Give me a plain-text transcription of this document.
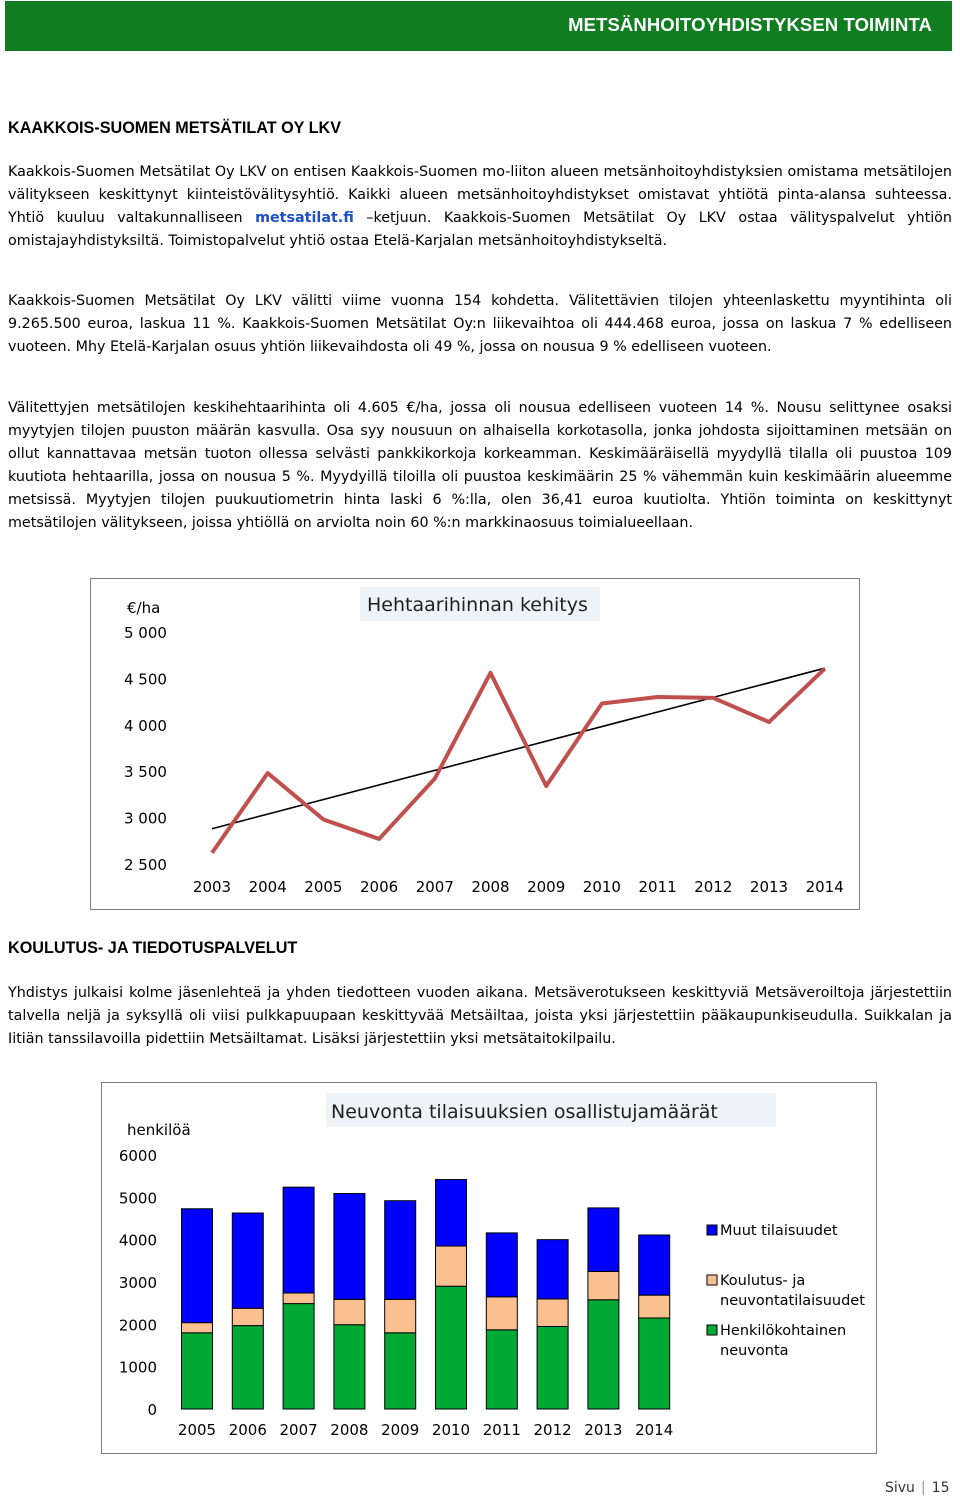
METSÄNHOITOYHDISTYKSEN TOIMINTA
KAAKKOIS-SUOMEN METSÄTILAT OY LKV

Kaakkois-Suomen Metsätilat Oy LKV on entisen Kaakkois-Suomen mo-liiton alueen metsänhoitoyhdistyksien omistama metsätilojen välitykseen keskittynyt kiinteistövälitysyhtiö. Kaikki alueen metsänhoitoyhdistykset omistavat yhtiötä pinta-alansa suhteessa. Yhtiö kuuluu valtakunnalliseen metsatilat.fi –ketjuun. Kaakkois-Suomen Metsätilat Oy LKV ostaa välityspalvelut yhtiön omistajayhdistyksiltä. Toimistopalvelut yhtiö ostaa Etelä-Karjalan metsänhoitoyhdistykseltä.

Kaakkois-Suomen Metsätilat Oy LKV välitti viime vuonna 154 kohdetta. Välitettävien tilojen yhteenlaskettu myyntihinta oli 9.265.500 euroa, laskua 11 %. Kaakkois-Suomen Metsätilat Oy:n liikevaihtoa oli 444.468 euroa, jossa on laskua 7 % edelliseen vuoteen. Mhy Etelä-Karjalan osuus yhtiön liikevaihdosta oli 49 %, jossa on nousua 9 % edelliseen vuoteen.

Välitettyjen metsätilojen keskihehtaarihinta oli 4.605 €/ha, jossa oli nousua edelliseen vuoteen 14 %. Nousu selittynee osaksi myytyjen tilojen puuston määrän kasvulla. Osa syy nousuun on alhaisella korkotasolla, jonka johdosta sijoittaminen metsään on ollut kannattavaa metsän tuoton ollessa selvästi pankkikorkoja korkeamman. Keskimääräisellä myydyllä tilalla oli puustoa 109 kuutiota hehtaarilla, jossa on nousua 5 %. Myydyillä tiloilla oli puustoa keskimäärin 25 % vähemmän kuin keskimäärin alueemme metsissä. Myytyjen tilojen puukuutiometrin hinta laski 6 %:lla, olen 36,41 euroa kuutiolta. Yhtiön toiminta on keskittynyt metsätilojen välitykseen, joissa yhtiöllä on arviolta noin 60 %:n markkinaosuus toimialueellaan.

Hehtaarihinnan kehitys
€/ha
5 000
4 500
4 000
3 500
3 000
2 500
2003 2004 2005 2006 2007 2008 2009 2010 2011 2012 2013 2014
KOULUTUS- JA TIEDOTUSPALVELUT

Yhdistys julkaisi kolme jäsenlehteä ja yhden tiedotteen vuoden aikana. Metsäverotukseen keskittyviä Metsäveroiltoja järjestettiin talvella neljä ja syksyllä oli viisi pulkkapuupaan keskittyvää Metsäiltaa, joista yksi järjestettiin pääkaupunkiseudulla. Suikkalan ja Iitiän tanssilavoilla pidettiin Metsäiltamat. Lisäksi järjestettiin yksi metsätaitokilpailu.

Neuvonta tilaisuuksien osallistujamäärät
henkilöä
6000
5000
4000
3000
2000
1000
0
2005 2006 2007 2008 2009 2010 2011 2012 2013 2014
Muut tilaisuudet
Koulutus- ja
neuvontatilaisuudet
Henkilökohtainen
neuvonta
Sivu | 15
